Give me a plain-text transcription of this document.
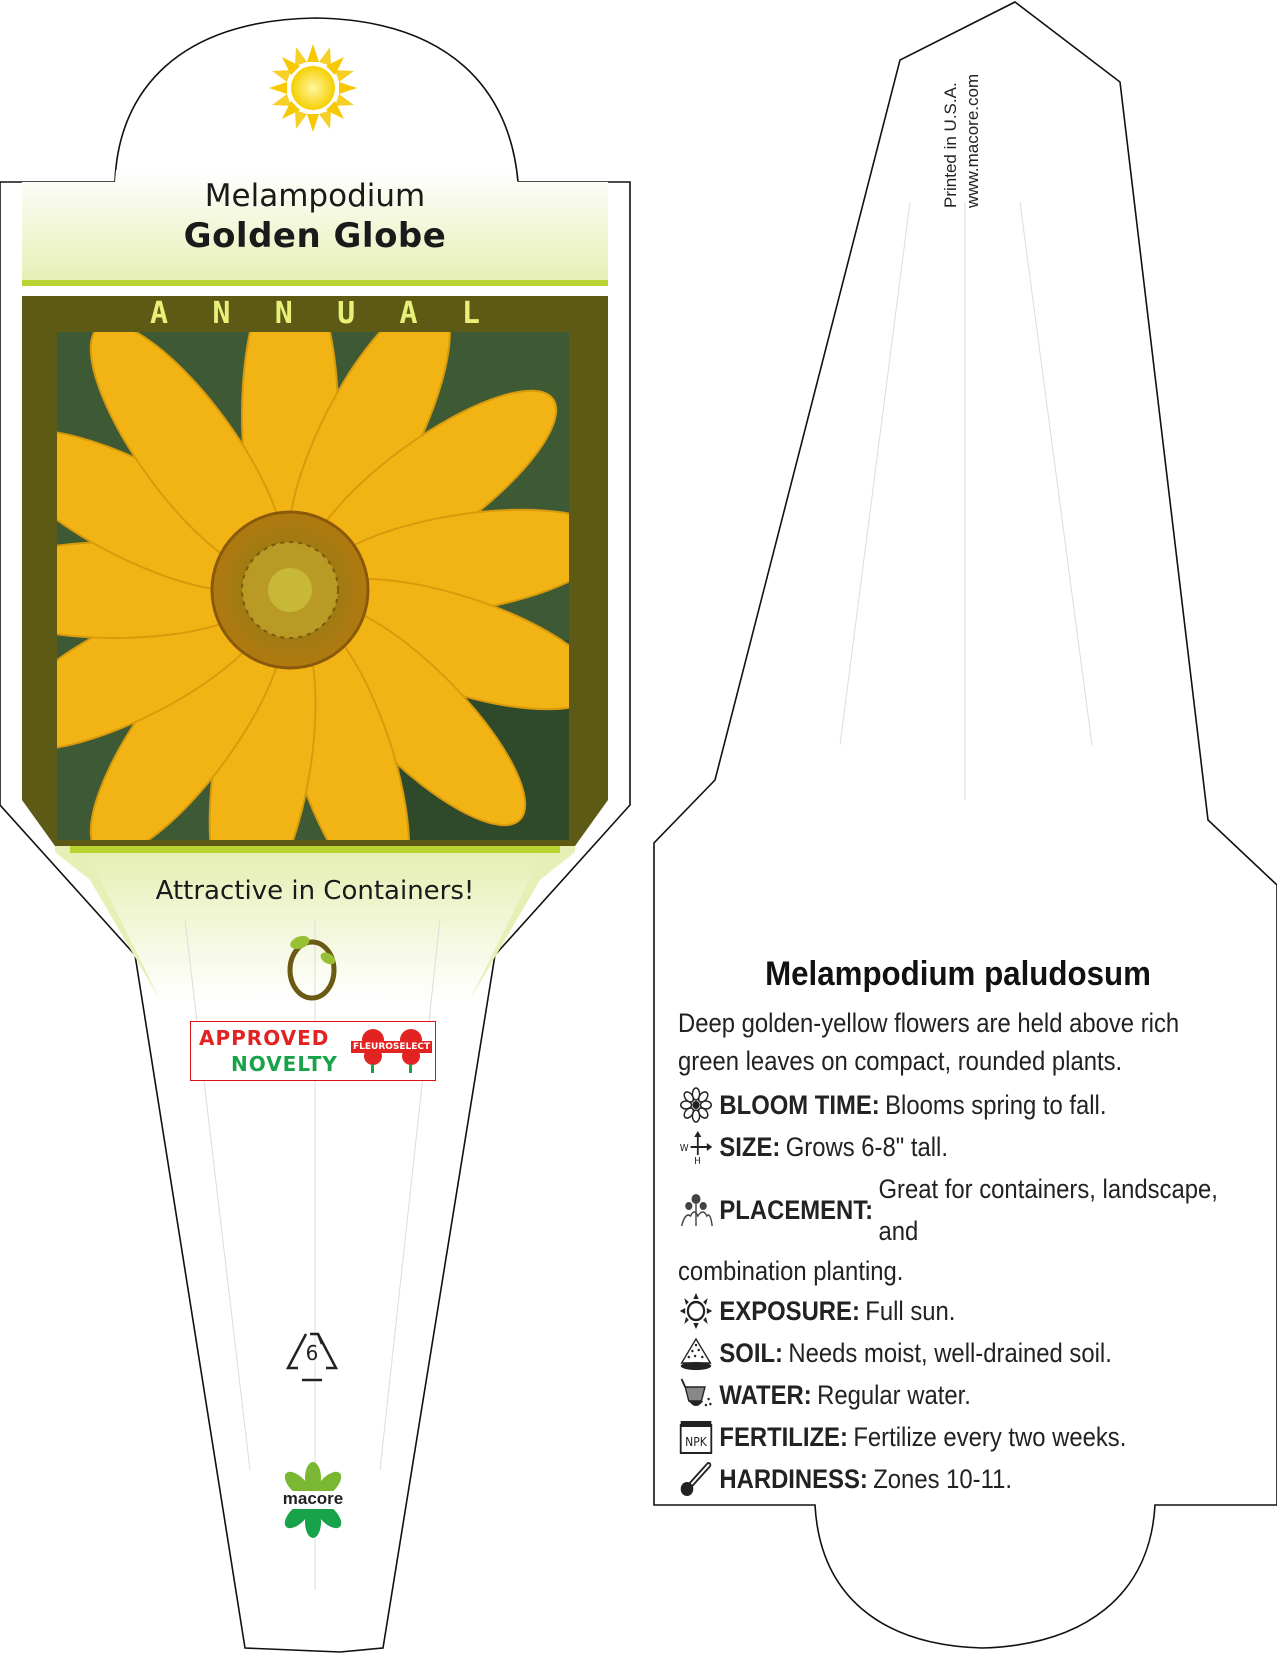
Melampodium
Golden Globe
A N N U A L
Attractive in Containers!
APPROVED
NOVELTY
FLEUROSELECT
6
macore
Printed in U.S.A. www.macore.com
Melampodium paludosum

Deep golden-yellow flowers are held above rich green leaves on compact, rounded plants.

BLOOM TIME: Blooms spring to fall.
W
H SIZE: Grows 6-8" tall.
PLACEMENT:
Great for containers, landscape, and
combination planting.
EXPOSURE: Full sun.
SOIL: Needs moist, well-drained soil.
WATER: Regular water.
NPK FERTILIZE: Fertilize every two weeks.
HARDINESS: Zones 10-11.
